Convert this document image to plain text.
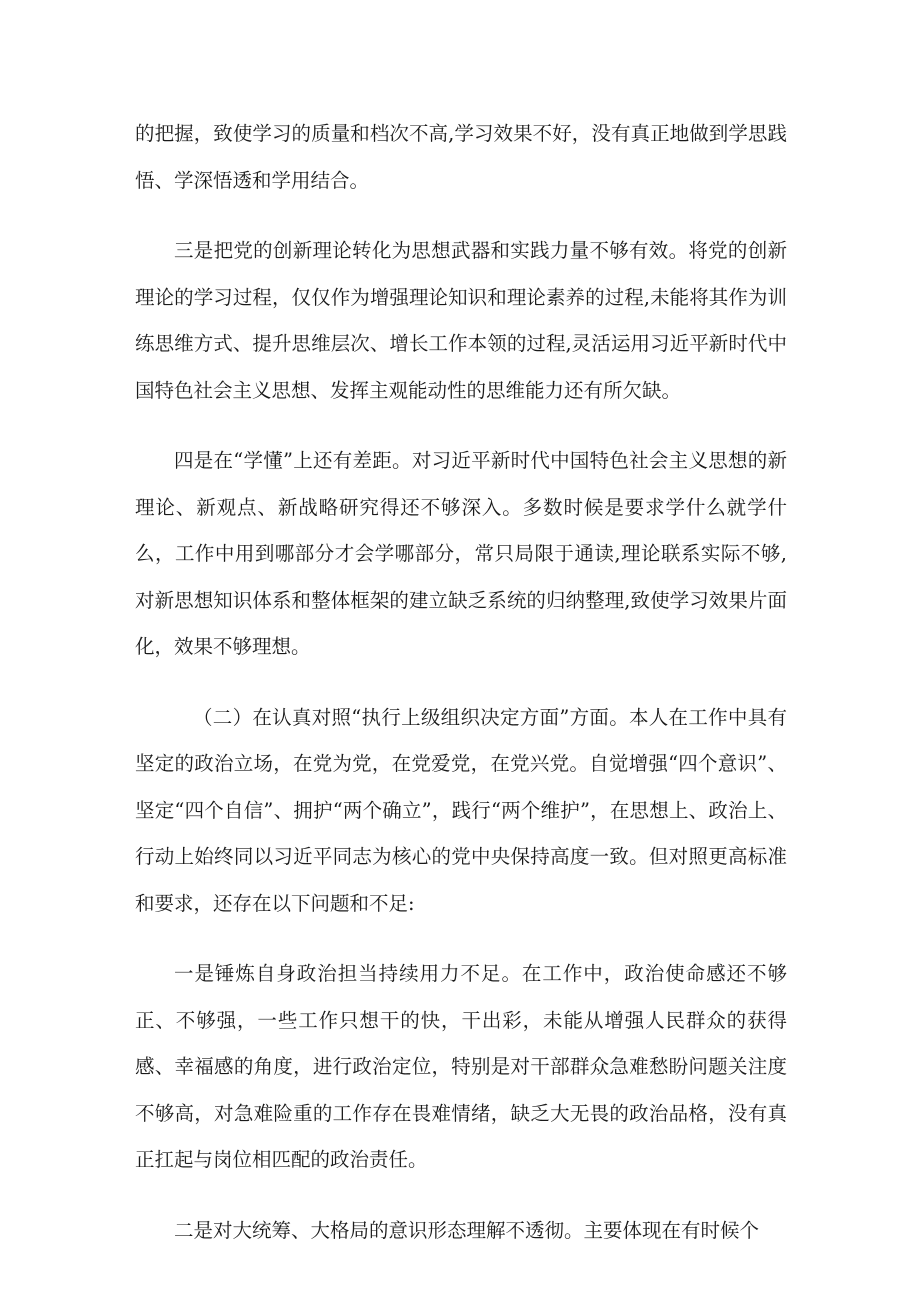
的把握，致使学习的质量和档次不高,学习效果不好，没有真正地做到学思践悟、学深悟透和学用结合。

三是把党的创新理论转化为思想武器和实践力量不够有效。将党的创新理论的学习过程，仅仅作为增强理论知识和理论素养的过程,未能将其作为训练思维方式、提升思维层次、增长工作本领的过程,灵活运用习近平新时代中国特色社会主义思想、发挥主观能动性的思维能力还有所欠缺。

四是在“学懂”上还有差距。对习近平新时代中国特色社会主义思想的新理论、新观点、新战略研究得还不够深入。多数时候是要求学什么就学什么，工作中用到哪部分才会学哪部分，常只局限于通读,理论联系实际不够,对新思想知识体系和整体框架的建立缺乏系统的归纳整理,致使学习效果片面化，效果不够理想。

（二）在认真对照“执行上级组织决定方面”方面。本人在工作中具有坚定的政治立场，在党为党，在党爱党，在党兴党。自觉增强“四个意识”、坚定“四个自信”、拥护“两个确立”，践行“两个维护”，在思想上、政治上、行动上始终同以习近平同志为核心的党中央保持高度一致。但对照更高标准和要求，还存在以下问题和不足:

一是锤炼自身政治担当持续用力不足。在工作中，政治使命感还不够正、不够强，一些工作只想干的快，干出彩，未能从增强人民群众的获得感、幸福感的角度，进行政治定位，特别是对干部群众急难愁盼问题关注度不够高，对急难险重的工作存在畏难情绪，缺乏大无畏的政治品格，没有真正扛起与岗位相匹配的政治责任。

二是对大统筹、大格局的意识形态理解不透彻。主要体现在有时候个
